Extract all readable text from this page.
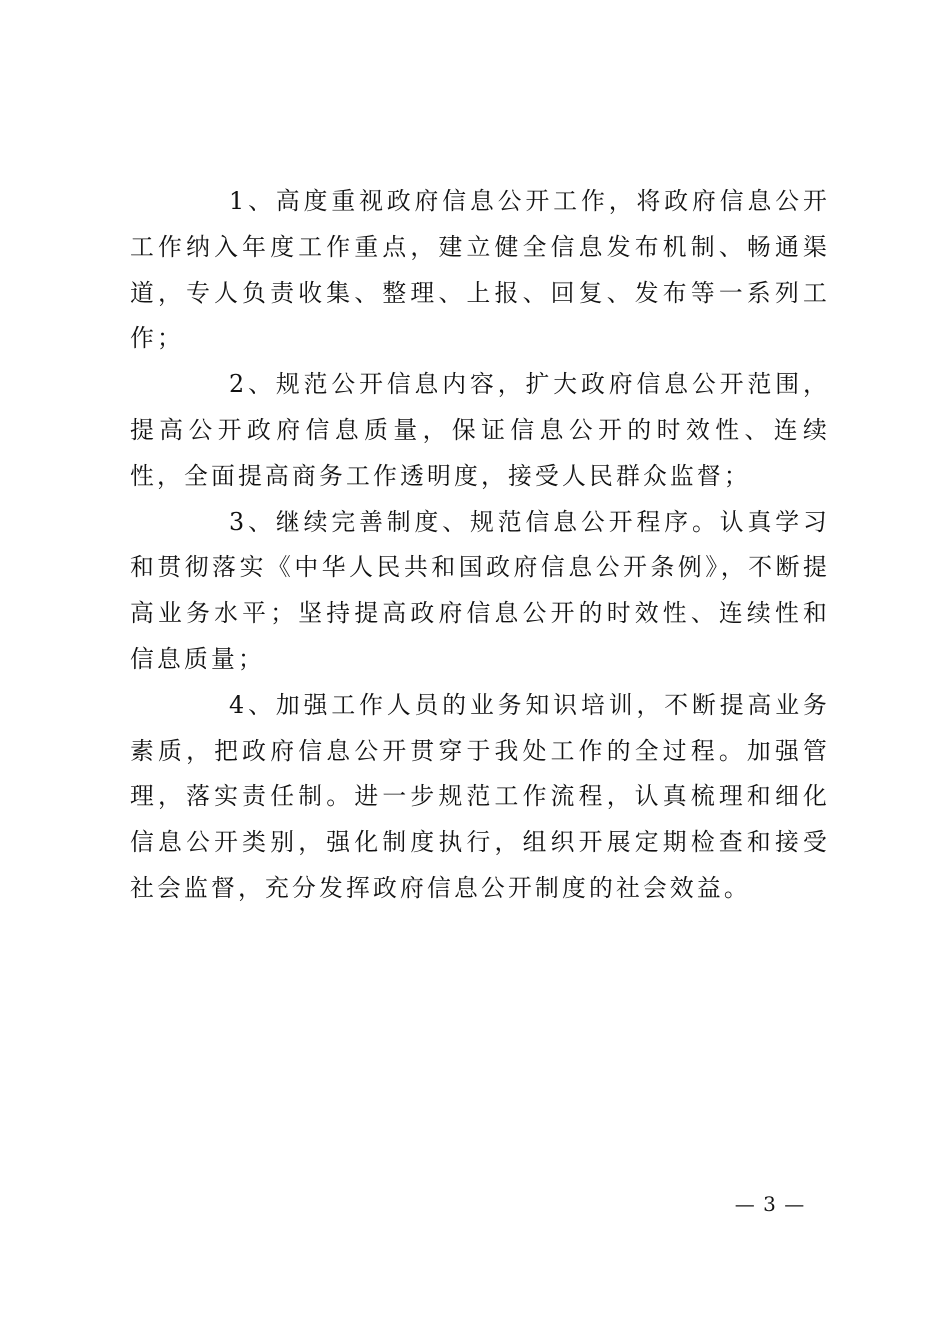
1、高度重视政府信息公开工作，将政府信息公开工作纳入年度工作重点，建立健全信息发布机制、畅通渠道，专人负责收集、整理、上报、回复、发布等一系列工作；

2、规范公开信息内容，扩大政府信息公开范围，提高公开政府信息质量，保证信息公开的时效性、连续性，全面提高商务工作透明度，接受人民群众监督；

3、继续完善制度、规范信息公开程序。认真学习和贯彻落实《中华人民共和国政府信息公开条例》，不断提高业务水平；坚持提高政府信息公开的时效性、连续性和信息质量；

4、加强工作人员的业务知识培训，不断提高业务素质，把政府信息公开贯穿于我处工作的全过程。加强管理，落实责任制。进一步规范工作流程，认真梳理和细化信息公开类别，强化制度执行，组织开展定期检查和接受社会监督，充分发挥政府信息公开制度的社会效益。

— 3 —
